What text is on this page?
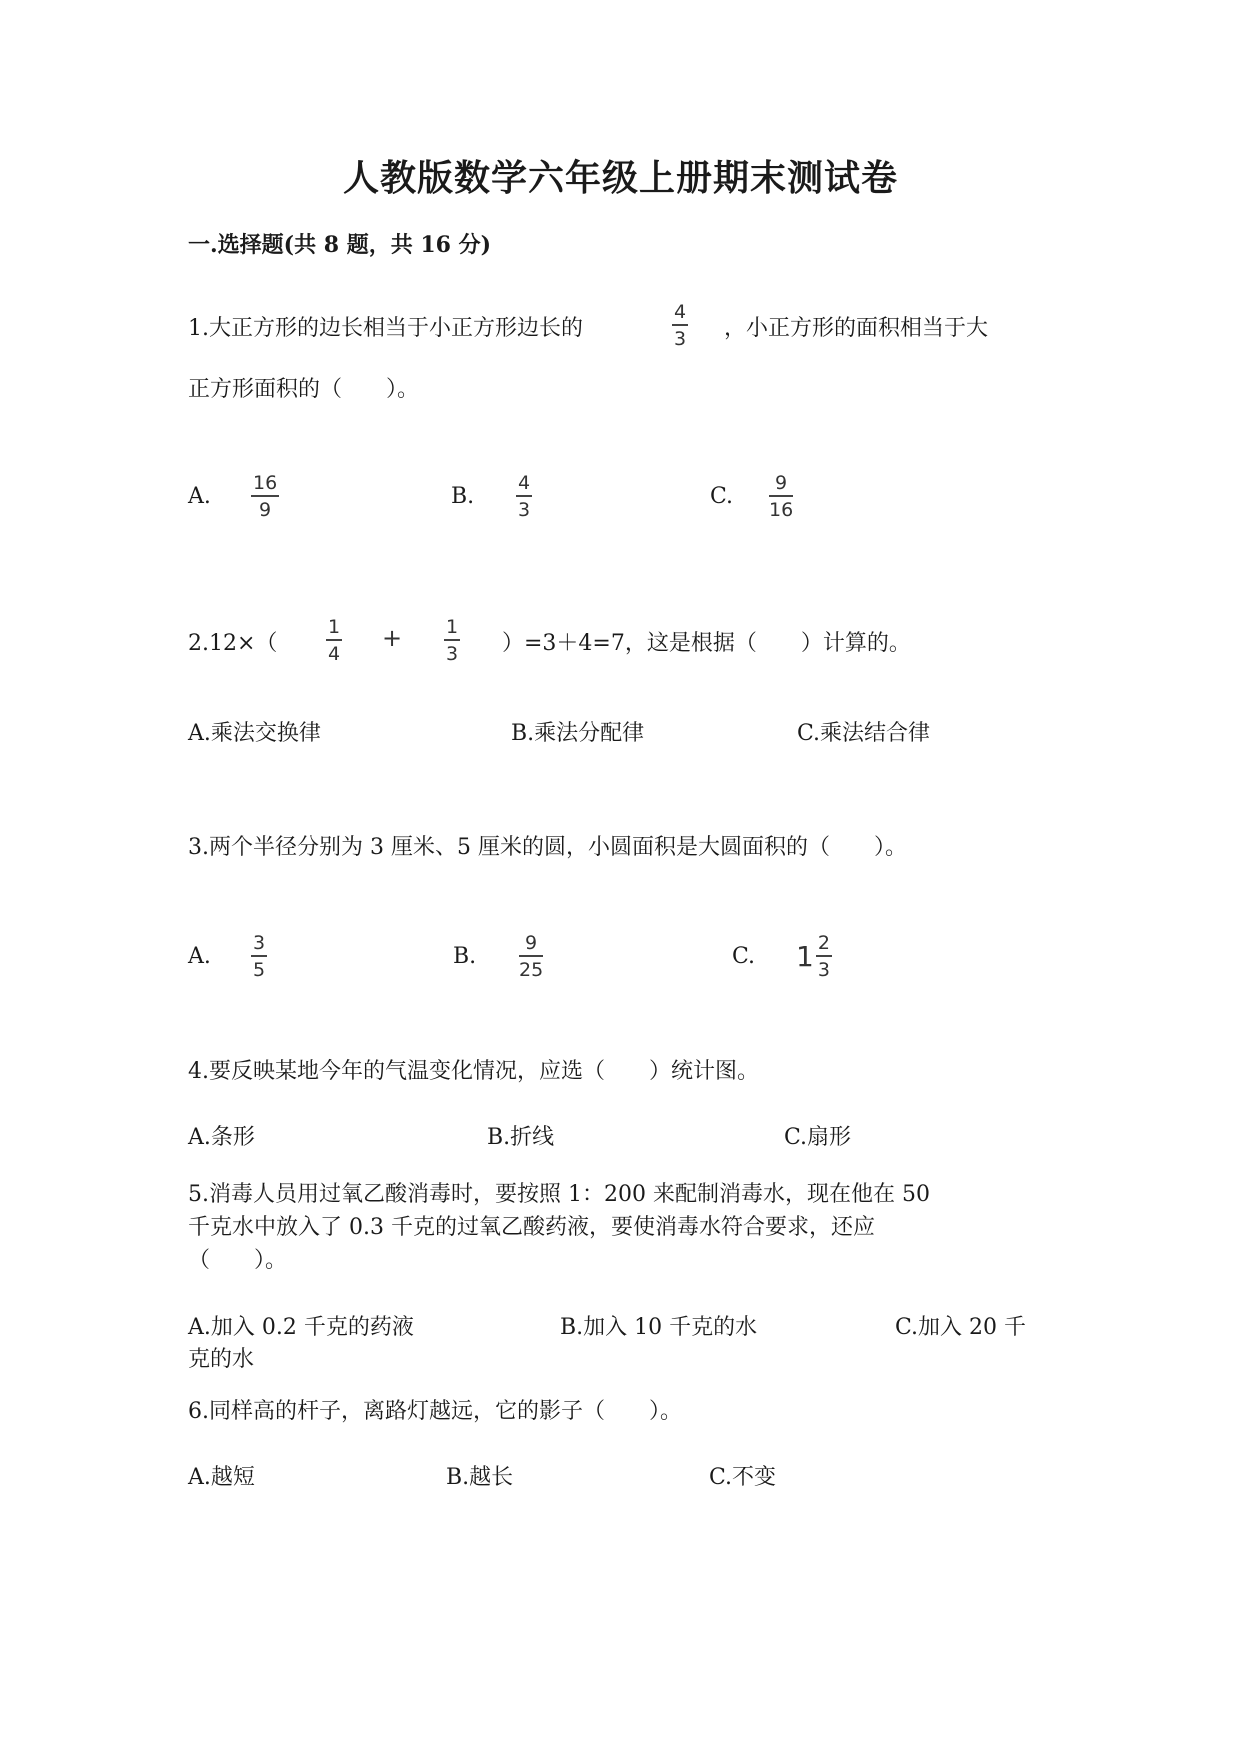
人教版数学六年级上册期末测试卷
一.选择题(共 8 题，共 16 分)
1.大正方形的边长相当于小正方形边长的
4
3 ，小正方形的面积相当于大
正方形面积的（　　）。
A.
16
9
B.
4
3
C.
9
16
2.12×（
1
4
+ 1
3 ）=3＋4=7，这是根据（　　）计算的。
A.乘法交换律	B.乘法分配律	C.乘法结合律
3.两个半径分别为 3 厘米、5 厘米的圆，小圆面积是大圆面积的（　　）。
A.
3
5
B.
9
25
C. $1 \frac{2}{3}$
4.要反映某地今年的气温变化情况，应选（　　）统计图。
A.条形	B.折线	C.扇形
5.消毒人员用过氧乙酸消毒时，要按照 1：200 来配制消毒水，现在他在 50
千克水中放入了 0.3 千克的过氧乙酸药液，要使消毒水符合要求，还应
（　　）。
A.加入 0.2 千克的药液	B.加入 10 千克的水	C.加入 20 千
克的水
6.同样高的杆子，离路灯越远，它的影子（　　）。
A.越短	B.越长	C.不变
